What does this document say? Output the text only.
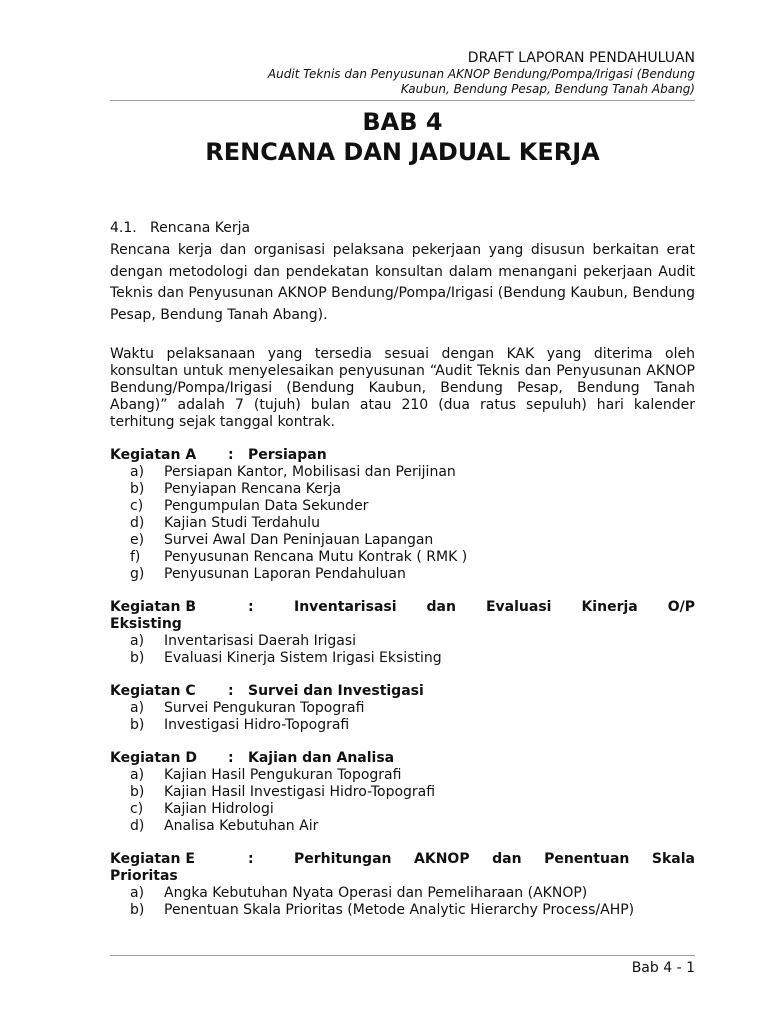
DRAFT LAPORAN PENDAHULUAN
Audit Teknis dan Penyusunan AKNOP Bendung/Pompa/Irigasi (Bendung
Kaubun, Bendung Pesap, Bendung Tanah Abang)
BAB 4
RENCANA DAN JADUAL KERJA
4.1. Rencana Kerja

Rencana kerja dan organisasi pelaksana pekerjaan yang disusun berkaitan erat dengan metodologi dan pendekatan konsultan dalam menangani pekerjaan Audit Teknis dan Penyusunan AKNOP Bendung/Pompa/Irigasi (Bendung Kaubun, Bendung Pesap, Bendung Tanah Abang).

Waktu pelaksanaan yang tersedia sesuai dengan KAK yang diterima oleh konsultan untuk menyelesaikan penyusunan “Audit Teknis dan Penyusunan AKNOP Bendung/Pompa/Irigasi (Bendung Kaubun, Bendung Pesap, Bendung Tanah Abang)” adalah 7 (tujuh) bulan atau 210 (dua ratus sepuluh) hari kalender terhitung sejak tanggal kontrak.

Kegiatan A : Persiapan
a)	Persiapan Kantor, Mobilisasi dan Perijinan
b)	Penyiapan Rencana Kerja
c)	Pengumpulan Data Sekunder
d)	Kajian Studi Terdahulu
e)	Survei Awal Dan Peninjauan Lapangan
f)	Penyusunan Rencana Mutu Kontrak ( RMK )
g)	Penyusunan Laporan Pendahuluan
Kegiatan B	:	Inventarisasi dan Evaluasi Kinerja O/P
Eksisting
a)	Inventarisasi Daerah Irigasi
b)	Evaluasi Kinerja Sistem Irigasi Eksisting
Kegiatan C : Survei dan Investigasi
a)	Survei Pengukuran Topografi
b)	Investigasi Hidro-Topografi
Kegiatan D : Kajian dan Analisa
a)	Kajian Hasil Pengukuran Topografi
b)	Kajian Hasil Investigasi Hidro-Topografi
c)	Kajian Hidrologi
d)	Analisa Kebutuhan Air
Kegiatan E	:	Perhitungan AKNOP dan Penentuan Skala
Prioritas
a)	Angka Kebutuhan Nyata Operasi dan Pemeliharaan (AKNOP)
b)	Penentuan Skala Prioritas (Metode Analytic Hierarchy Process/AHP)
Bab 4 - 1
